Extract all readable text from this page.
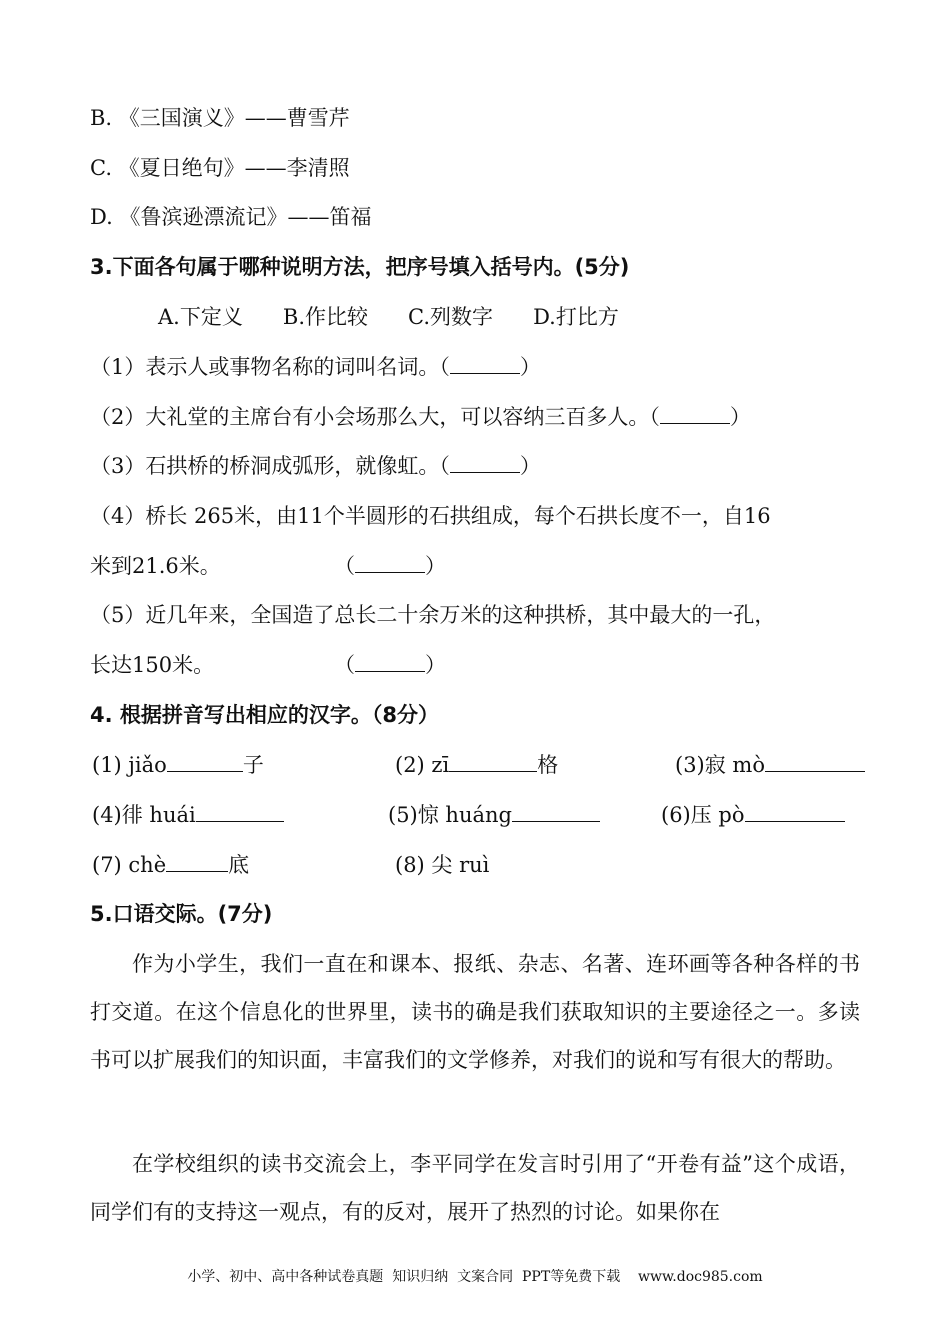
B. 《三国演义》——曹雪芹
C. 《夏日绝句》——李清照
D. 《鲁滨逊漂流记》——笛福
3.下面各句属于哪种说明方法，把序号填入括号内。(5分)
A.下定义      B.作比较      C.列数字      D.打比方
（1）表示人或事物名称的词叫名词。（	）
（2）大礼堂的主席台有小会场那么大，可以容纳三百多人。（	）
（3）石拱桥的桥洞成弧形，就像虹。（	）
（4）桥长 265米，由11个半圆形的石拱组成，每个石拱长度不一，自16
米到21.6米。	（	）
（5）近几年来，全国造了总长二十余万米的这种拱桥，其中最大的一孔，
长达150米。	（	）
4. 根据拼音写出相应的汉字。（8分）
(1) jiǎo	子	(2) zī	格	(3)寂 mò
(4)徘 huái	(5)惊 huáng	(6)压 pò
(7) chè	底	(8) 尖 ruì
5.口语交际。(7分)
作为小学生，我们一直在和课本、报纸、杂志、名著、连环画等各种各样的书打交道。在这个信息化的世界里，读书的确是我们获取知识的主要途径之一。多读书可以扩展我们的知识面，丰富我们的文学修养，对我们的说和写有很大的帮助。
在学校组织的读书交流会上，李平同学在发言时引用了“开卷有益”这个成语，同学们有的支持这一观点，有的反对，展开了热烈的讨论。如果你在
小学、初中、高中各种试卷真题  知识归纳  文案合同  PPT等免费下载    www.doc985.com
